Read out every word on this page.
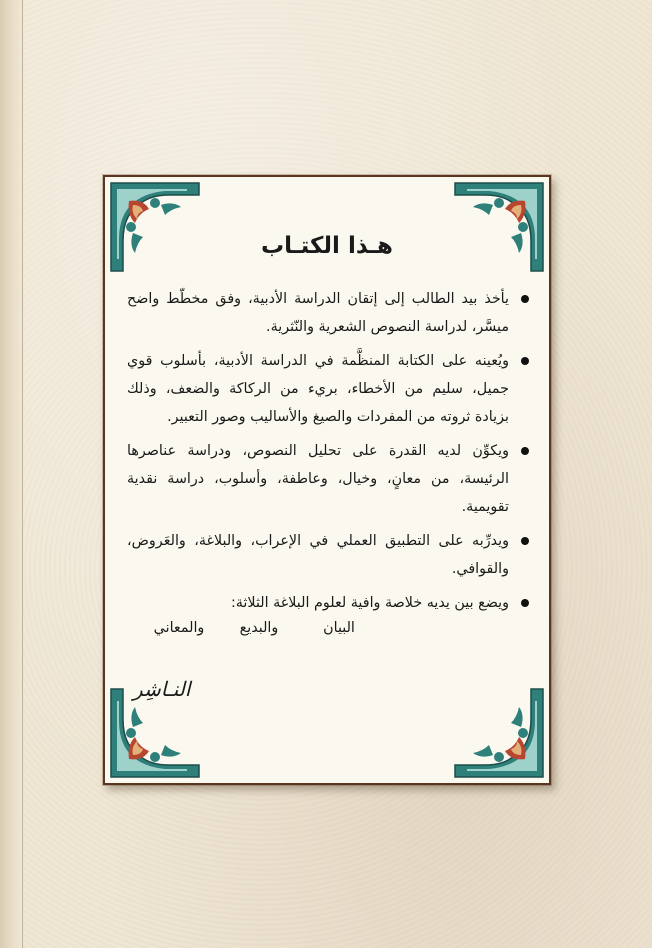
هـذا الكتـاب
يأخذ بيد الطالب إلى إتقان الدراسة الأدبية، وفق مخطّط واضح ميسَّر، لدراسة النصوص الشعرية والنّثرية.
ويُعينه على الكتابة المنظَّمة في الدراسة الأدبية، بأسلوب قوي جميل، سليم من الأخطاء، بريء من الركاكة والضعف، وذلك بزيادة ثروته من المفردات والصيغ والأساليب وصور التعبير.
ويكوِّن لديه القدرة على تحليل النصوص، ودراسة عناصرها الرئيسة، من معانٍ، وخيال، وعاطفة، وأسلوب، دراسة نقدية تقويمية.
ويدرِّبه على التطبيق العملي في الإعراب، والبلاغة، والعَروض، والقوافي.
ويضع بين يديه خلاصة وافية لعلوم البلاغة الثلاثة:
البيان
والبديع
والمعاني
النـاشِر
